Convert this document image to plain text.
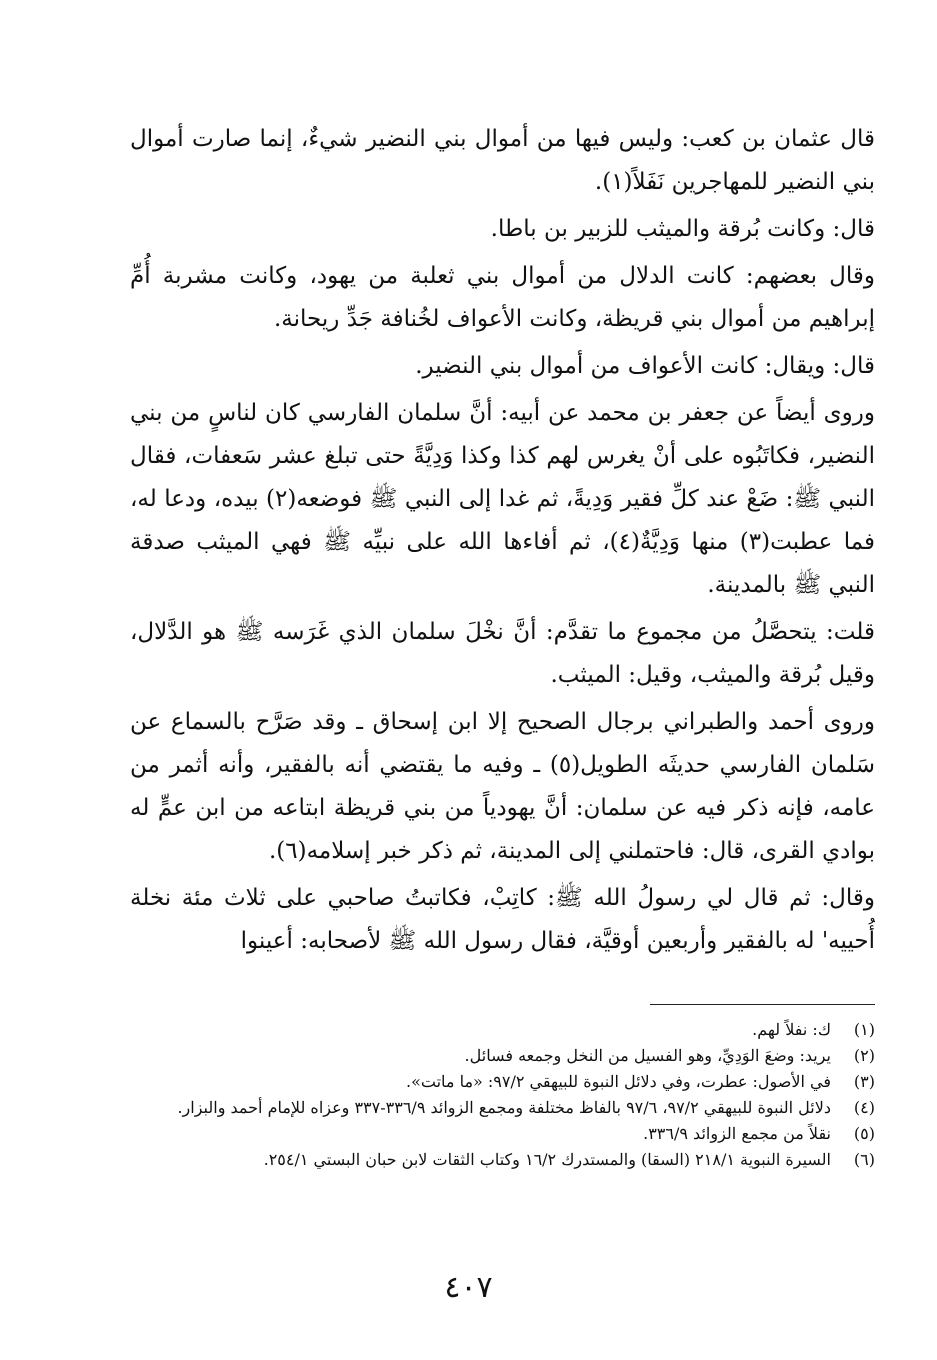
قال عثمان بن كعب: وليس فيها من أموال بني النضير شيءٌ، إنما صارت أموال بني النضير للمهاجرين نَفَلاً(١).

قال: وكانت بُرقة والميثب للزبير بن باطا.

وقال بعضهم: كانت الدلال من أموال بني ثعلبة من يهود، وكانت مشربة أُمِّ إبراهيم من أموال بني قريظة، وكانت الأعواف لخُنافة جَدِّ ريحانة.

قال: ويقال: كانت الأعواف من أموال بني النضير.

وروى أيضاً عن جعفر بن محمد عن أبيه: أنَّ سلمان الفارسي كان لناسٍ من بني النضير، فكاتَبُوه على أنْ يغرس لهم كذا وكذا وَدِيَّةً حتى تبلغ عشر سَعفات، فقال النبي ﷺ: ضَعْ عند كلِّ فقير وَدِيةً، ثم غدا إلى النبي ﷺ فوضعه(٢) بيده، ودعا له، فما عطبت(٣) منها وَدِيَّةٌ(٤)، ثم أفاءها الله على نبيِّه ﷺ فهي الميثب صدقة النبي ﷺ بالمدينة.

قلت: يتحصَّلُ من مجموع ما تقدَّم: أنَّ نخْلَ سلمان الذي غَرَسه ﷺ هو الدَّلال، وقيل بُرقة والميثب، وقيل: الميثب.

وروى أحمد والطبراني برجال الصحيح إلا ابن إسحاق ـ وقد صَرَّح بالسماع عن سَلمان الفارسي حديثَه الطويل(٥) ـ وفيه ما يقتضي أنه بالفقير، وأنه أثمر من عامه، فإنه ذكر فيه عن سلمان: أنَّ يهودياً من بني قريظة ابتاعه من ابن عمٍّ له بوادي القرى، قال: فاحتملني إلى المدينة، ثم ذكر خبر إسلامه(٦).

وقال: ثم قال لي رسولُ الله ﷺ: كاتِبْ، فكاتبتُ صاحبي على ثلاث مئة نخلة أُحييه' له بالفقير وأربعين أوقيَّة، فقال رسول الله ﷺ لأصحابه: أعينوا

(١)
ك: نفلاً لهم.
(٢)
يريد: وضعَ الوَدِيِّ، وهو الفسيل من النخل وجمعه فسائل.
(٣)
في الأصول: عطرت، وفي دلائل النبوة للبيهقي ٩٧/٢: «ما ماتت».
(٤)
دلائل النبوة للبيهقي ٩٧/٢، ٩٧/٦ بالفاظ مختلفة ومجمع الزوائد ٣٣٦/٩-٣٣٧ وعزاه للإمام أحمد والبزار.
(٥)
نقلاً من مجمع الزوائد ٣٣٦/٩.
(٦)
السيرة النبوية ٢١٨/١ (السقا) والمستدرك ١٦/٢ وكتاب الثقات لابن حبان البستي ٢٥٤/١.
٤٠٧
